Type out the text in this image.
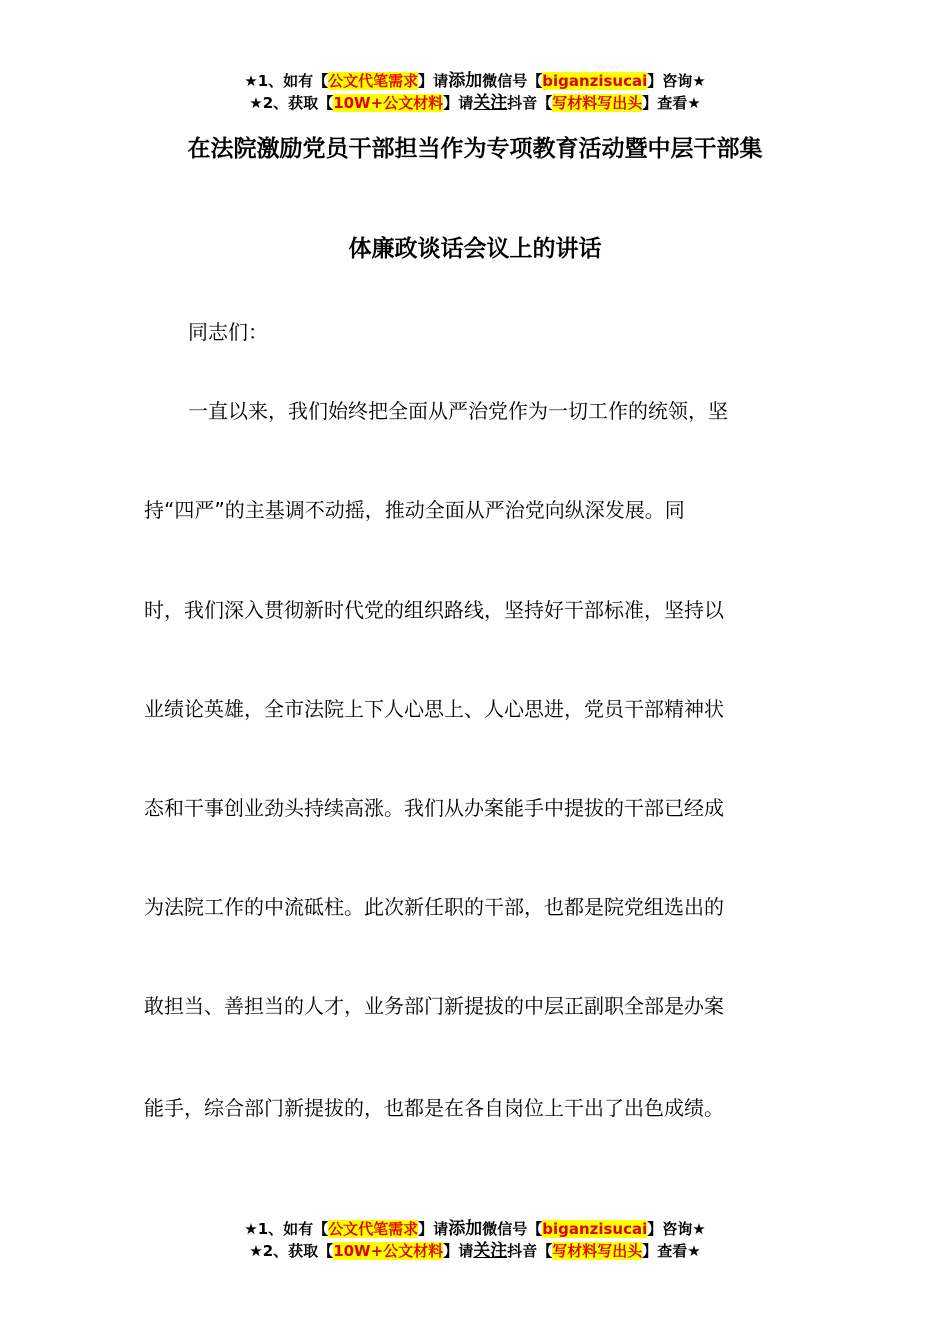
★1、如有【公文代笔需求】请添加微信号【biganzisucai】咨询★
★2、获取【10W+公文材料】请关注抖音【写材料写出头】查看★
在法院激励党员干部担当作为专项教育活动暨中层干部集
体廉政谈话会议上的讲话
同志们：
一直以来，我们始终把全面从严治党作为一切工作的统领，坚
持“四严”的主基调不动摇，推动全面从严治党向纵深发展。同
时，我们深入贯彻新时代党的组织路线，坚持好干部标准，坚持以
业绩论英雄，全市法院上下人心思上、人心思进，党员干部精神状
态和干事创业劲头持续高涨。我们从办案能手中提拔的干部已经成
为法院工作的中流砥柱。此次新任职的干部，也都是院党组选出的
敢担当、善担当的人才，业务部门新提拔的中层正副职全部是办案
能手，综合部门新提拔的，也都是在各自岗位上干出了出色成绩。
★1、如有【公文代笔需求】请添加微信号【biganzisucai】咨询★
★2、获取【10W+公文材料】请关注抖音【写材料写出头】查看★
